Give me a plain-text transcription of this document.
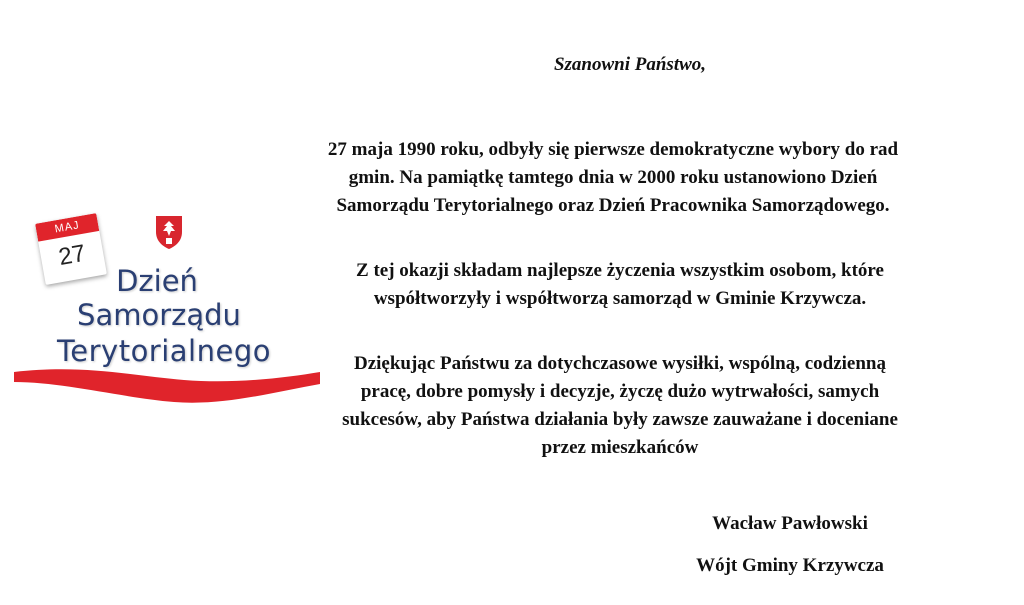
MAJ
27
Dzień
Samorządu
Terytorialnego
Szanowni Państwo,

27 maja 1990 roku, odbyły się pierwsze demokratyczne wybory do rad gmin. Na pamiątkę tamtego dnia w 2000 roku ustanowiono Dzień Samorządu Terytorialnego oraz Dzień Pracownika Samorządowego.

Z tej okazji składam najlepsze życzenia wszystkim osobom, które współtworzyły i współtworzą samorząd w Gminie Krzywcza.

Dziękując Państwu za dotychczasowe wysiłki, wspólną, codzienną pracę, dobre pomysły i decyzje, życzę dużo wytrwałości, samych sukcesów, aby Państwa działania były zawsze zauważane i doceniane przez mieszkańców

Wacław Pawłowski
Wójt Gminy Krzywcza
